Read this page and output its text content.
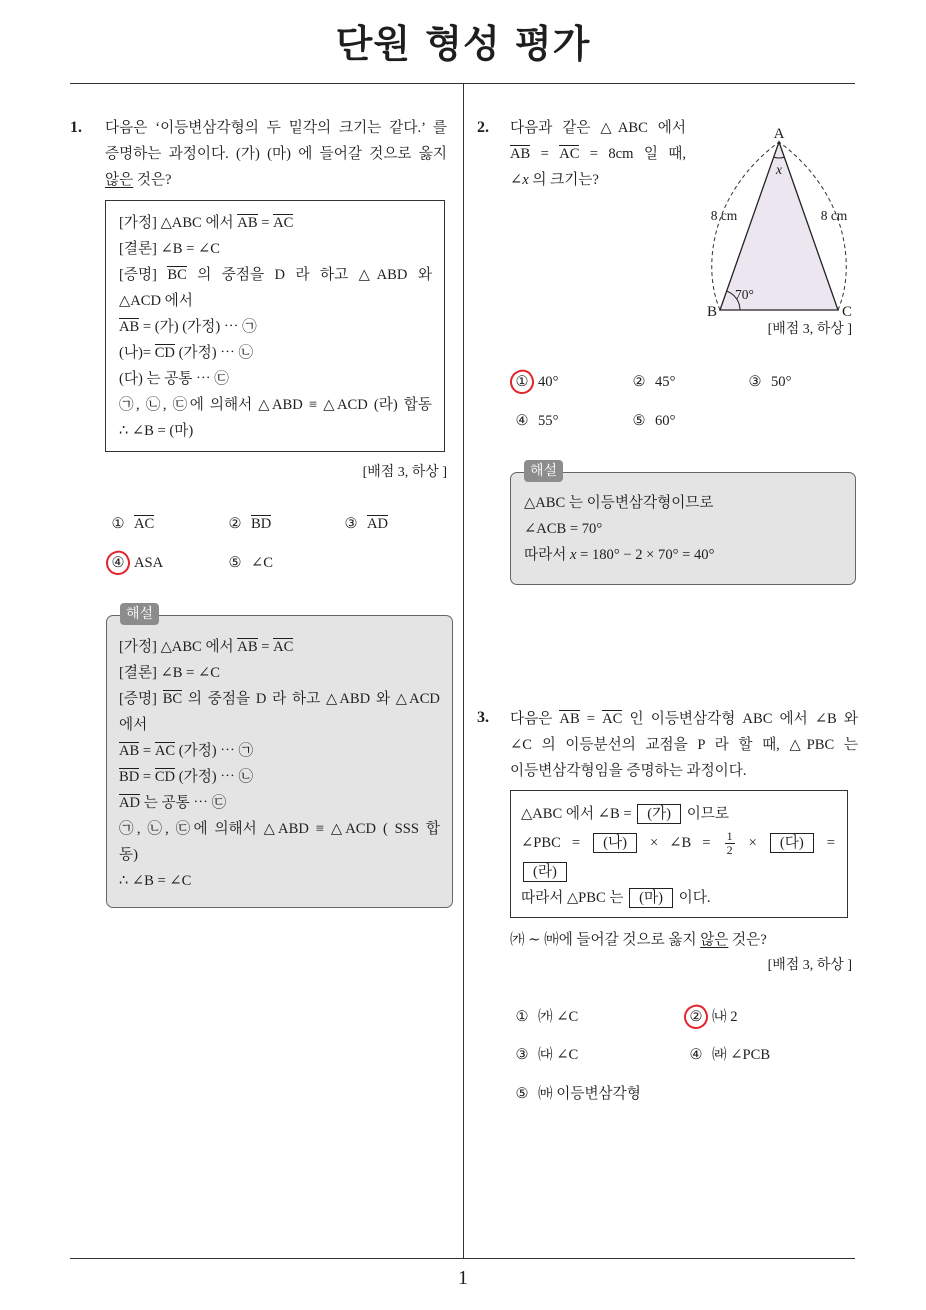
단원 형성 평가
1
1. 다음은 ‘이등변삼각형의 두 밑각의 크기는 같다.’ 를
증명하는 과정이다. (가) (마) 에 들어갈 것으로 옳지
않은 것은?
[가정] △ABC 에서 AB = AC
[결론] ∠B = ∠C
[증명] BC 의 중점을 D 라 하고 △ABD 와
△ACD 에서
AB = (가) (가정) ⋯ ㉠
(나)= CD (가정) ⋯ ㉡
(다) 는 공통 ⋯ ㉢
㉠, ㉡, ㉢에 의해서 △ABD ≡ △ACD (라) 합동
∴ ∠B = (마)
[배점 3, 하상 ]
① AC	② BD	③ AD
④ ASA	⑤ ∠C
[가정] △ABC 에서 AB = AC
[결론] ∠B = ∠C
[증명] BC 의 중점을 D 라 하고 △ABD 와 △ACD
에서
AB = AC (가정) ⋯ ㉠
BD = CD (가정) ⋯ ㉡
AD 는 공통 ⋯ ㉢
㉠, ㉡, ㉢에 의해서 △ABD ≡ △ACD ( SSS 합
동)
∴ ∠B = ∠C
해설
2. 다음과 같은 △ABC 에서
AB = AC = 8cm 일 때,
∠x 의 크기는?
A
B	C
8 cm	8 cm
70°
x
[배점 3, 하상 ]
① 40°	② 45°	③ 50°
④ 55°	⑤ 60°
△ABC 는 이등변삼각형이므로
∠ACB = 70°
따라서 x = 180° − 2 × 70° = 40°
해설
3. 다음은 AB = AC 인 이등변삼각형 ABC 에서 ∠B 와
∠C 의 이등분선의 교점을 P 라 할 때, △PBC 는
이등변삼각형임을 증명하는 과정이다.
△ABC 에서 ∠B = (가) 이므로
∠PBC = (나) × ∠B = $\frac{1}{2}$ × (다) =
(라)
따라서 △PBC 는 (마) 이다.
㈎ ∼ ㈒에 들어갈 것으로 옳지 않은 것은?
[배점 3, 하상 ]
① ㈎ ∠C	② ㈏ 2
③ ㈐ ∠C	④ ㈑ ∠PCB
⑤ ㈒ 이등변삼각형
